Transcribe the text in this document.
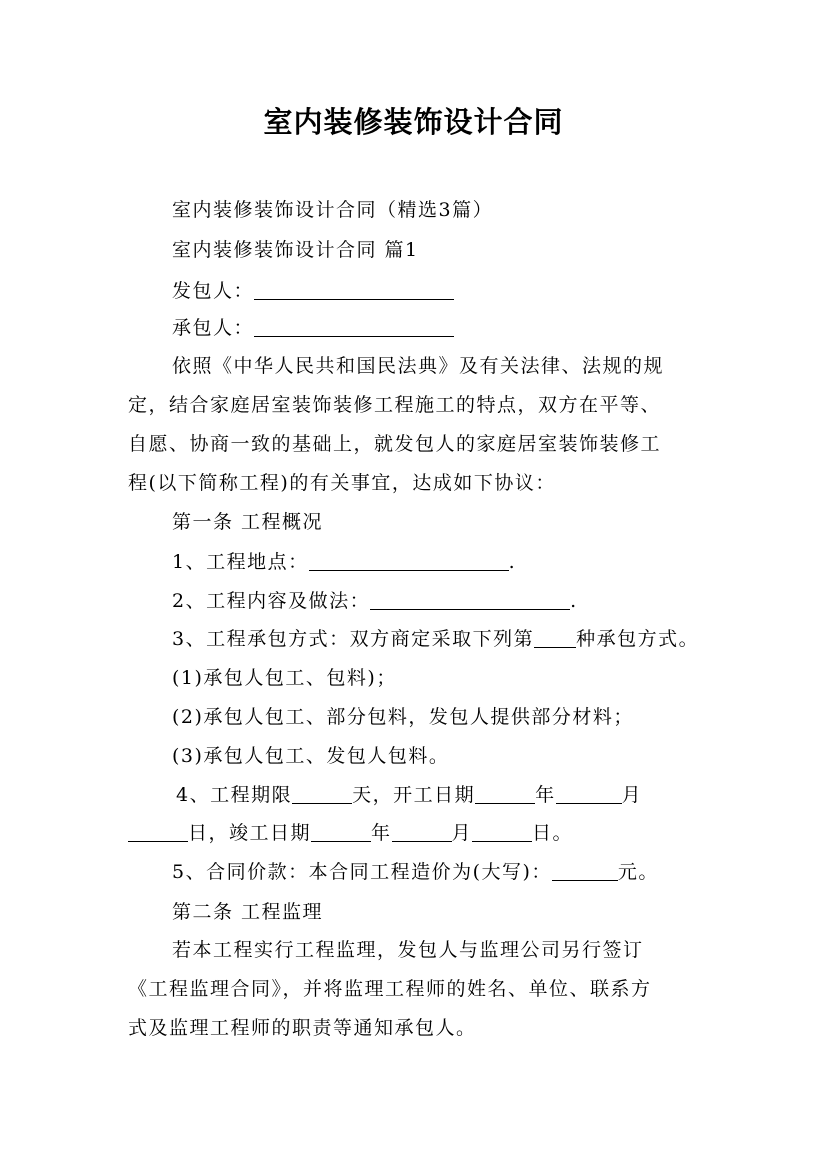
室内装修装饰设计合同
室内装修装饰设计合同（精选3篇）
室内装修装饰设计合同 篇1
发包人：
承包人：
依照《中华人民共和国民法典》及有关法律、法规的规
定，结合家庭居室装饰装修工程施工的特点，双方在平等、
自愿、协商一致的基础上，就发包人的家庭居室装饰装修工
程(以下简称工程)的有关事宜，达成如下协议：
第一条 工程概况
1、工程地点：	.
2、工程内容及做法：	.
3、工程承包方式：双方商定采取下列第 种承包方式。
(1)承包人包工、包料)；
(2)承包人包工、部分包料，发包人提供部分材料；
(3)承包人包工、发包人包料。
4、工程期限	天，开工日期	年	月
日，竣工日期	年	月	日。
5、合同价款：本合同工程造价为(大写)：	元。
第二条 工程监理
若本工程实行工程监理，发包人与监理公司另行签订
《工程监理合同》，并将监理工程师的姓名、单位、联系方
式及监理工程师的职责等通知承包人。
